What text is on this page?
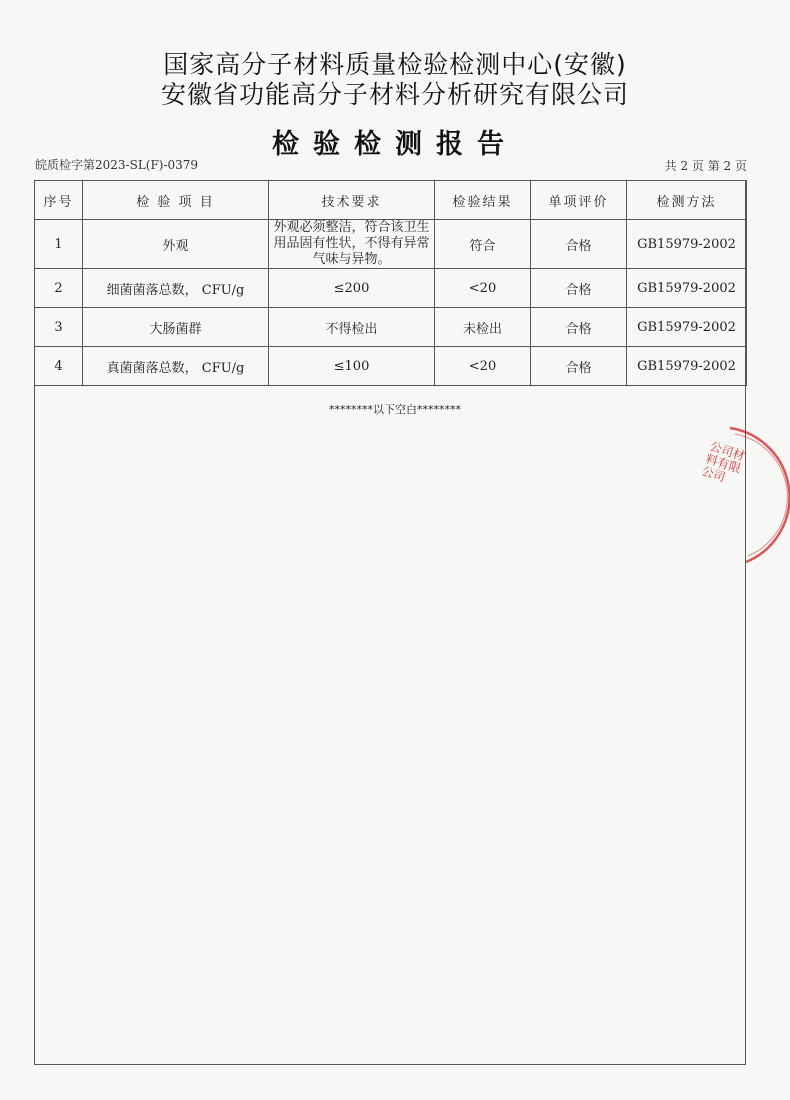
国家高分子材料质量检验检测中心(安徽)
安徽省功能高分子材料分析研究有限公司
检验检测报告
皖质检字第2023-SL(F)-0379	共 2 页 第 2 页
序号	检 验 项 目	技术要求	检验结果	单项评价	检测方法
1	外观	外观必须整洁，符合该卫生用品固有性状，不得有异常气味与异物。	符合	合格	GB15979-2002
2	细菌菌落总数， CFU/g	≤200	<20	合格	GB15979-2002
3	大肠菌群	不得检出	未检出	合格	GB15979-2002
4	真菌菌落总数， CFU/g	≤100	<20	合格	GB15979-2002
********以下空白********
公司材料有限公司
